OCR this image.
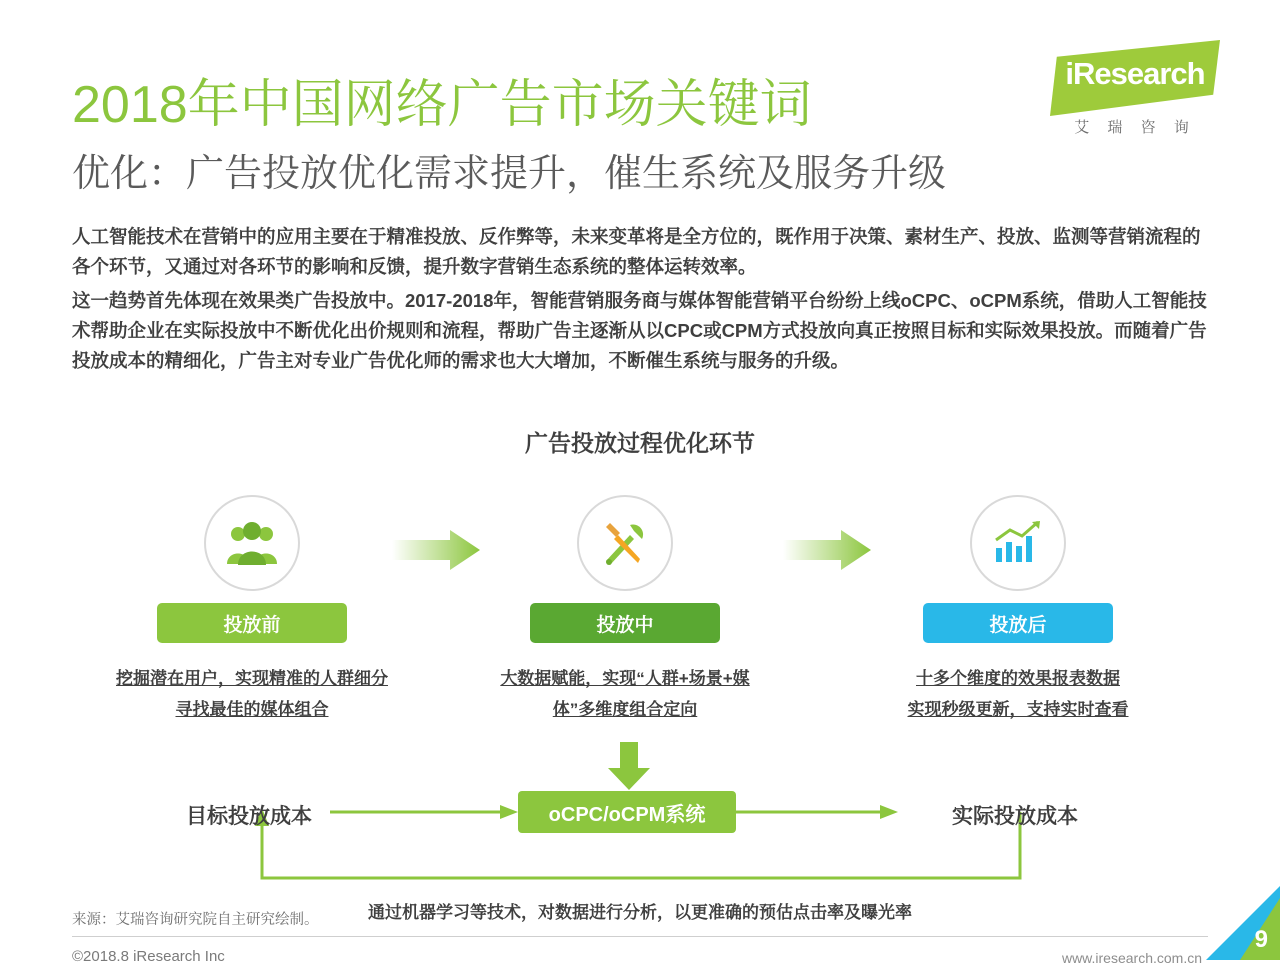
iResearch
艾 瑞 咨 询
2018年中国网络广告市场关键词
优化：广告投放优化需求提升，催生系统及服务升级
人工智能技术在营销中的应用主要在于精准投放、反作弊等，未来变革将是全方位的，既作用于决策、素材生产、投放、监测等营销流程的各个环节，又通过对各环节的影响和反馈，提升数字营销生态系统的整体运转效率。
这一趋势首先体现在效果类广告投放中。2017-2018年，智能营销服务商与媒体智能营销平台纷纷上线oCPC、oCPM系统，借助人工智能技术帮助企业在实际投放中不断优化出价规则和流程，帮助广告主逐渐从以CPC或CPM方式投放向真正按照目标和实际效果投放。而随着广告投放成本的精细化，广告主对专业广告优化师的需求也大大增加，不断催生系统与服务的升级。
广告投放过程优化环节
投放前
挖掘潜在用户，实现精准的人群细分
寻找最佳的媒体组合
投放中
大数据赋能，实现“人群+场景+媒
体”多维度组合定向
投放后
十多个维度的效果报表数据
实现秒级更新，支持实时查看
目标投放成本	oCPC/oCPM系统	实际投放成本
通过机器学习等技术，对数据进行分析，以更准确的预估点击率及曝光率
来源：艾瑞咨询研究院自主研究绘制。
©2018.8 iResearch Inc	www.iresearch.com.cn
9
